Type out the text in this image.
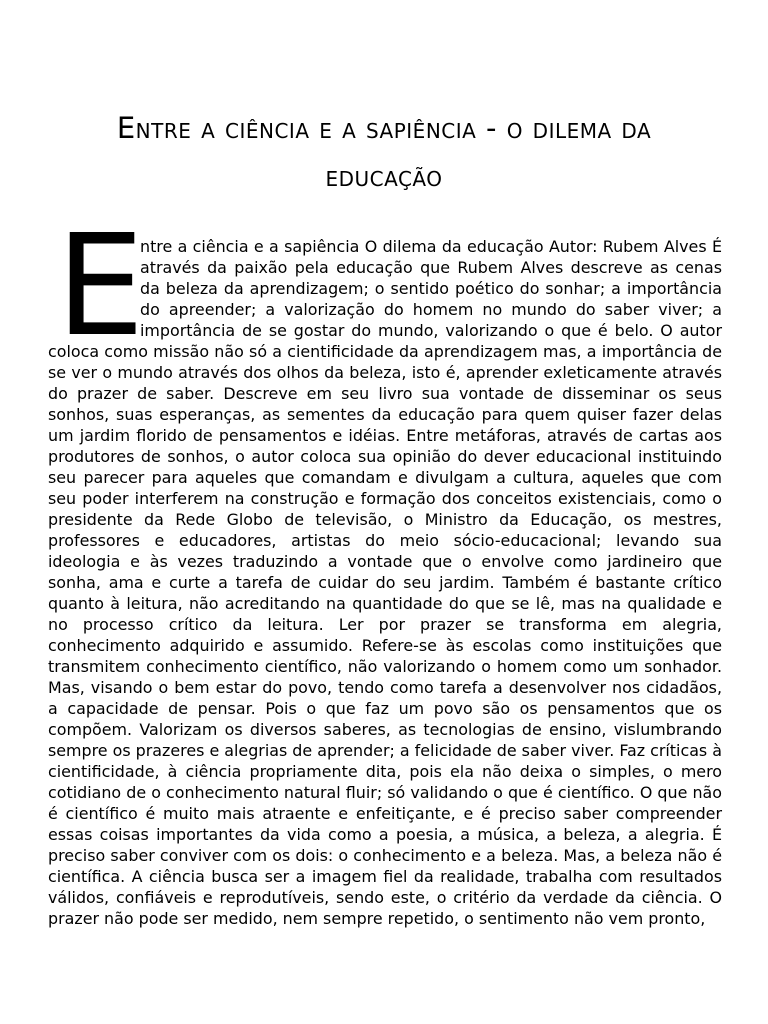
Entre a ciência e a sapiência - o dilema da educação

E
ntre a ciência e a sapiência O dilema da educação Autor: Rubem Alves É através da paixão pela educação que Rubem Alves descreve as cenas da beleza da aprendizagem; o sentido poético do sonhar; a importância do apreender; a valorização do homem no mundo do saber viver; a importância de se gostar do mundo, valorizando o que é belo. O autor coloca como missão não só a cientificidade da aprendizagem mas, a importância de se ver o mundo através dos olhos da beleza, isto é, aprender exleticamente através do prazer de saber. Descreve em seu livro sua vontade de disseminar os seus sonhos, suas esperanças, as sementes da educação para quem quiser fazer delas um jardim florido de pensamentos e idéias. Entre metáforas, através de cartas aos produtores de sonhos, o autor coloca sua opinião do dever educacional instituindo seu parecer para aqueles que comandam e divulgam a cultura, aqueles que com seu poder interferem na construção e formação dos conceitos existenciais, como o presidente da Rede Globo de televisão, o Ministro da Educação, os mestres, professores e educadores, artistas do meio sócio-educacional; levando sua ideologia e às vezes traduzindo a vontade que o envolve como jardineiro que sonha, ama e curte a tarefa de cuidar do seu jardim. Também é bastante crítico quanto à leitura, não acreditando na quantidade do que se lê, mas na qualidade e no processo crítico da leitura. Ler por prazer se transforma em alegria, conhecimento adquirido e assumido. Refere-se às escolas como instituições que transmitem conhecimento científico, não valorizando o homem como um sonhador. Mas, visando o bem estar do povo, tendo como tarefa a desenvolver nos cidadãos, a capacidade de pensar. Pois o que faz um povo são os pensamentos que os compõem. Valorizam os diversos saberes, as tecnologias de ensino, vislumbrando sempre os prazeres e alegrias de aprender; a felicidade de saber viver. Faz críticas à cientificidade, à ciência propriamente dita, pois ela não deixa o simples, o mero cotidiano de o conhecimento natural fluir; só validando o que é científico. O que não é científico é muito mais atraente e enfeitiçante, e é preciso saber compreender essas coisas importantes da vida como a poesia, a música, a beleza, a alegria. É preciso saber conviver com os dois: o conhecimento e a beleza. Mas, a beleza não é científica. A ciência busca ser a imagem fiel da realidade, trabalha com resultados válidos, confiáveis e reprodutíveis, sendo este, o critério da verdade da ciência. O prazer não pode ser medido, nem sempre repetido, o sentimento não vem pronto,
